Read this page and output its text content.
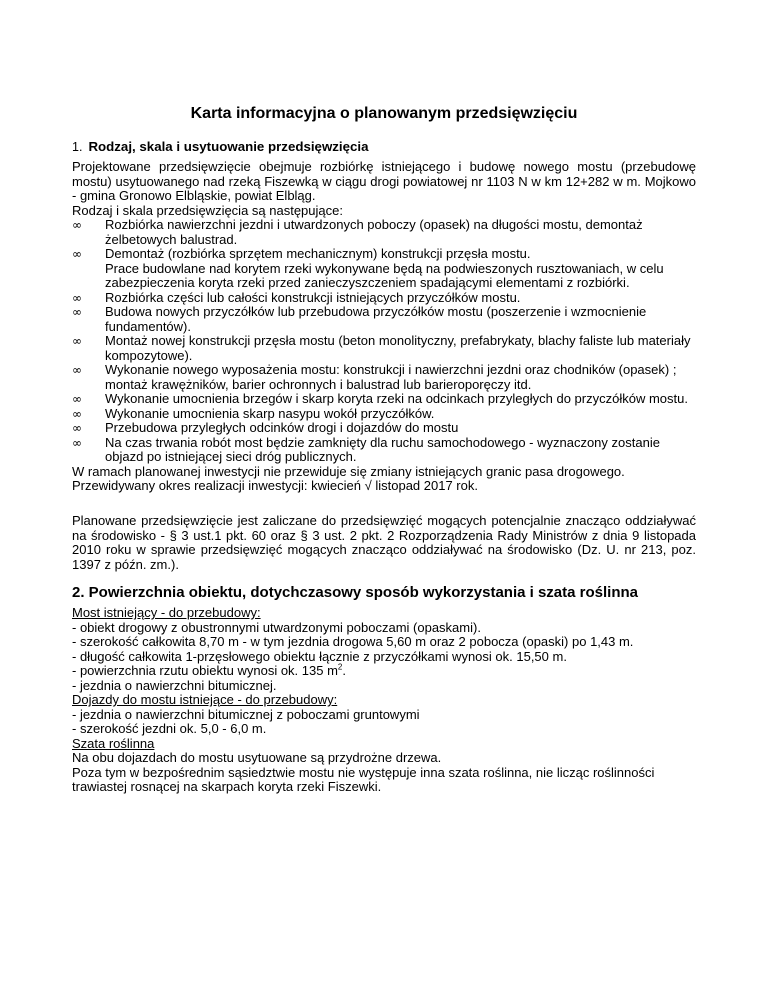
Karta informacyjna o planowanym przedsięwzięciu
1. Rodzaj, skala i usytuowanie przedsięwzięcia

Projektowane przedsięwzięcie obejmuje rozbiórkę istniejącego i budowę nowego mostu (przebudowę mostu) usytuowanego nad rzeką Fiszewką w ciągu drogi powiatowej nr 1103 N w km 12+282 w m. Mojkowo - gmina Gronowo Elbląskie, powiat Elbląg.

Rodzaj i skala przedsięwzięcia są następujące:

∞ Rozbiórka nawierzchni jezdni i utwardzonych poboczy (opasek) na długości mostu, demontaż żelbetowych balustrad.
∞ Demontaż (rozbiórka sprzętem mechanicznym) konstrukcji przęsła mostu.
Prace budowlane nad korytem rzeki wykonywane będą na podwieszonych rusztowaniach, w celu zabezpieczenia koryta rzeki przed zanieczyszczeniem spadającymi elementami z rozbiórki.
∞ Rozbiórka części lub całości konstrukcji istniejących przyczółków mostu.
∞ Budowa nowych przyczółków lub przebudowa przyczółków mostu (poszerzenie i wzmocnienie fundamentów).
∞ Montaż nowej konstrukcji przęsła mostu (beton monolityczny, prefabrykaty, blachy faliste lub materiały kompozytowe).
∞ Wykonanie nowego wyposażenia mostu: konstrukcji i nawierzchni jezdni oraz chodników (opasek) ; montaż krawężników, barier ochronnych i balustrad lub barieroporęczy itd.
∞ Wykonanie umocnienia brzegów i skarp koryta rzeki na odcinkach przyległych do przyczółków mostu.
∞ Wykonanie umocnienia skarp nasypu wokół przyczółków.
∞ Przebudowa przyległych odcinków drogi i dojazdów do mostu
∞ Na czas trwania robót most będzie zamknięty dla ruchu samochodowego - wyznaczony zostanie objazd po istniejącej sieci dróg publicznych.

W ramach planowanej inwestycji nie przewiduje się zmiany istniejących granic pasa drogowego.

Przewidywany okres realizacji inwestycji: kwiecień √ listopad 2017 rok.

Planowane przedsięwzięcie jest zaliczane do przedsięwzięć mogących potencjalnie znacząco oddziaływać na środowisko - § 3 ust.1 pkt. 60 oraz § 3 ust. 2 pkt. 2 Rozporządzenia Rady Ministrów z dnia 9 listopada 2010 roku w sprawie przedsięwzięć mogących znacząco oddziaływać na środowisko (Dz. U. nr 213, poz. 1397 z późn. zm.).

2. Powierzchnia obiektu, dotychczasowy sposób wykorzystania i szata roślinna

Most istniejący - do przebudowy:

- obiekt drogowy z obustronnymi utwardzonymi poboczami (opaskami).

- szerokość całkowita 8,70 m - w tym jezdnia drogowa 5,60 m oraz 2 pobocza (opaski) po 1,43 m.

- długość całkowita 1-przęsłowego obiektu łącznie z przyczółkami wynosi ok. 15,50 m.

- powierzchnia rzutu obiektu wynosi ok. 135 $m^2$.

- jezdnia o nawierzchni bitumicznej.

Dojazdy do mostu istniejące - do przebudowy:

- jezdnia o nawierzchni bitumicznej z poboczami gruntowymi

- szerokość jezdni ok. 5,0 - 6,0 m.

Szata roślinna

Na obu dojazdach do mostu usytuowane są przydrożne drzewa.

Poza tym w bezpośrednim sąsiedztwie mostu nie występuje inna szata roślinna, nie licząc roślinności trawiastej rosnącej na skarpach koryta rzeki Fiszewki.
